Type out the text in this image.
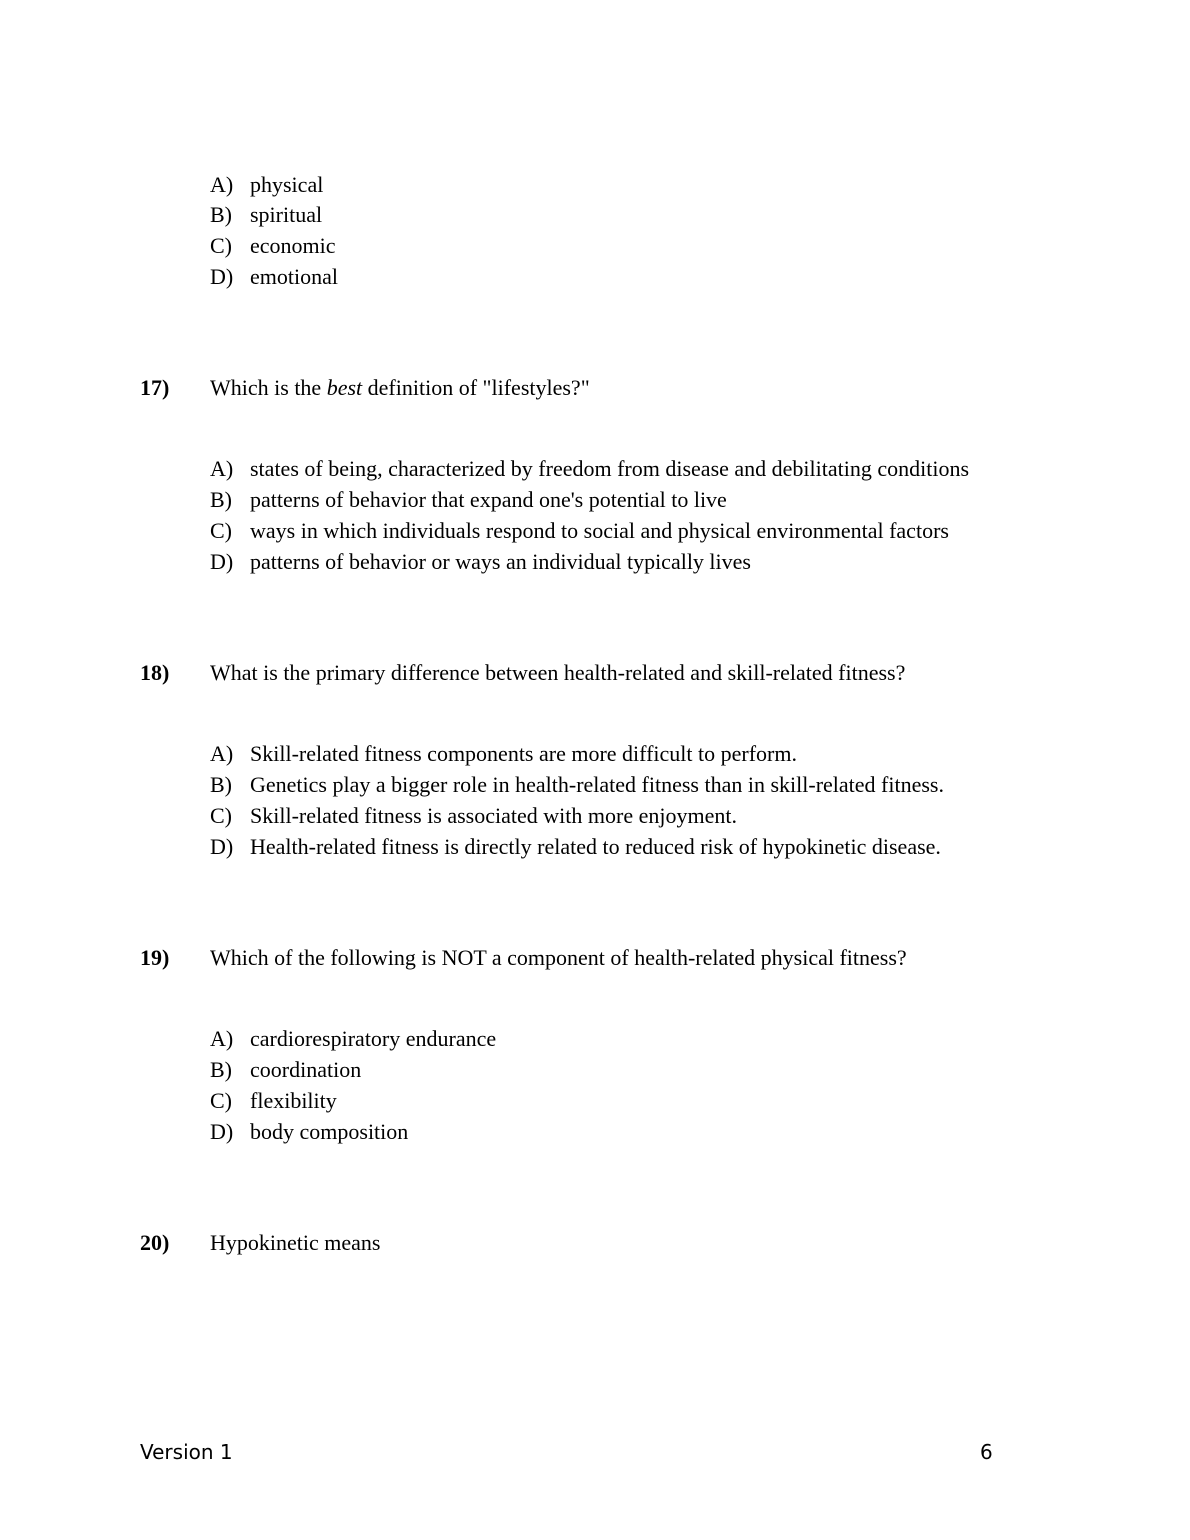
A) physical
B) spiritual
C) economic
D) emotional
17) Which is the best definition of "lifestyles?"
A) states of being, characterized by freedom from disease and debilitating conditions
B) patterns of behavior that expand one's potential to live
C) ways in which individuals respond to social and physical environmental factors
D) patterns of behavior or ways an individual typically lives
18) What is the primary difference between health-related and skill-related fitness?
A) Skill-related fitness components are more difficult to perform.
B) Genetics play a bigger role in health-related fitness than in skill-related fitness.
C) Skill-related fitness is associated with more enjoyment.
D) Health-related fitness is directly related to reduced risk of hypokinetic disease.
19) Which of the following is NOT a component of health-related physical fitness?
A) cardiorespiratory endurance
B) coordination
C) flexibility
D) body composition
20) Hypokinetic means
Version 1	6
